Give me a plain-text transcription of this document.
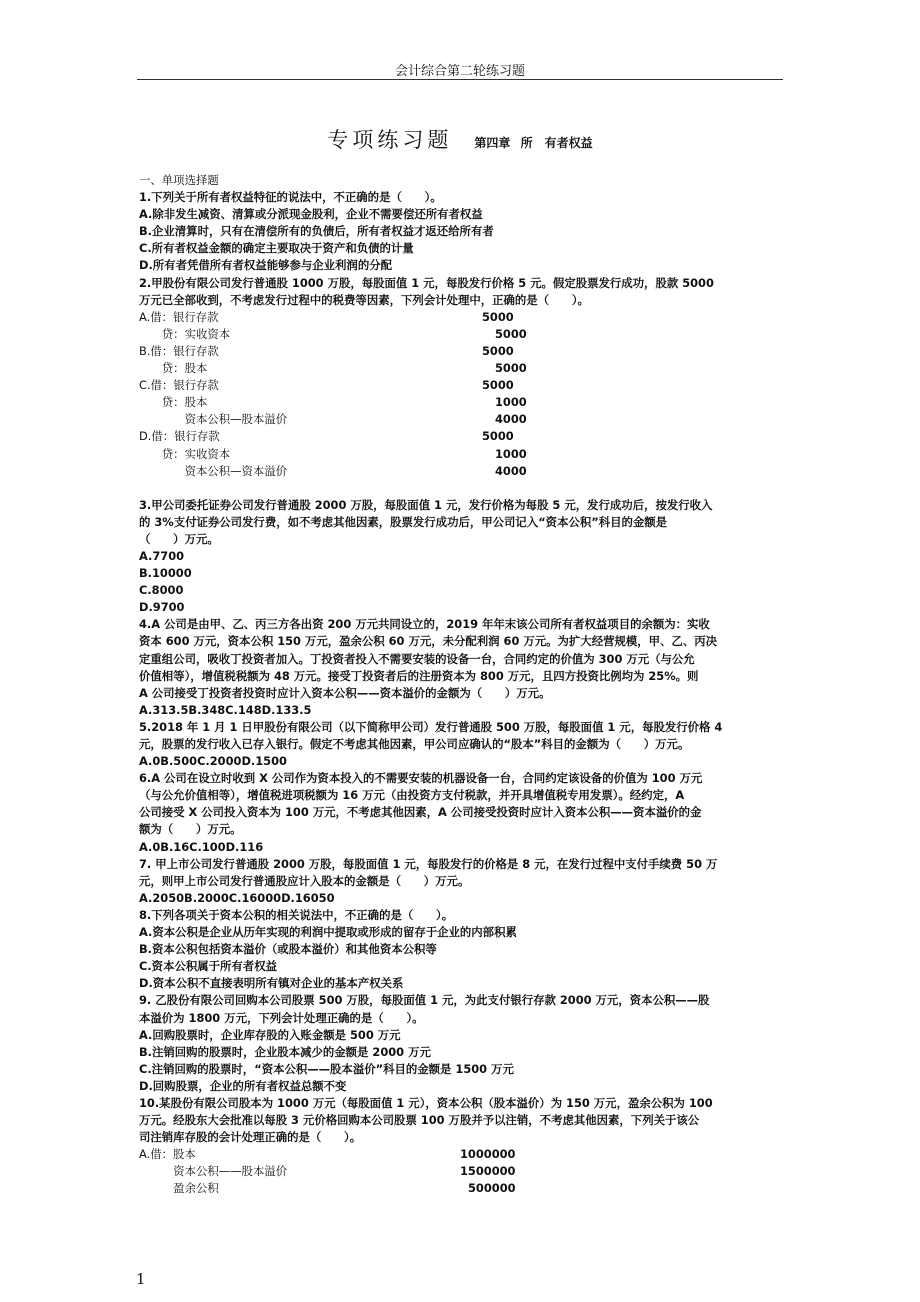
会计综合第二轮练习题
专项练习题 第四章 所　有者权益

一、单项选择题

1.下列关于所有者权益特征的说法中，不正确的是（　　）。

A.除非发生减资、清算或分派现金股利，企业不需要偿还所有者权益

B.企业清算时，只有在清偿所有的负债后，所有者权益才返还给所有者

C.所有者权益金额的确定主要取决于资产和负债的计量

D.所有者凭借所有者权益能够参与企业利润的分配

2.甲股份有限公司发行普通股 1000 万股，每股面值 1 元，每股发行价格 5 元。假定股票发行成功，股款 5000

万元已全部收到，不考虑发行过程中的税费等因素，下列会计处理中，正确的是（　　）。

A.借：银行存款	5000
　　贷：实收资本	5000
B.借：银行存款	5000
　　贷：股本	5000
C.借：银行存款	5000
　　贷：股本	1000
　　　　资本公积—股本溢价	4000
D.借：银行存款	5000
　　贷：实收资本	1000
　　　　资本公积—资本溢价	4000

3.甲公司委托证券公司发行普通股 2000 万股，每股面值 1 元，发行价格为每股 5 元，发行成功后，按发行收入

的 3%支付证券公司发行费，如不考虑其他因素，股票发行成功后，甲公司记入“资本公积”科目的金额是

（　　）万元。

A.7700

B.10000

C.8000

D.9700

4.A 公司是由甲、乙、丙三方各出资 200 万元共同设立的，2019 年年末该公司所有者权益项目的余额为：实收

资本 600 万元，资本公积 150 万元，盈余公积 60 万元，未分配利润 60 万元。为扩大经营规模，甲、乙、丙决

定重组公司，吸收丁投资者加入。丁投资者投入不需要安装的设备一台，合同约定的价值为 300 万元（与公允

价值相等），增值税税额为 48 万元。接受丁投资者后的注册资本为 800 万元，且四方投资比例均为 25%。则

A 公司接受丁投资者投资时应计入资本公积——资本溢价的金额为（　　）万元。

A.313.5B.348C.148D.133.5

5.2018 年 1 月 1 日甲股份有限公司（以下简称甲公司）发行普通股 500 万股，每股面值 1 元，每股发行价格 4

元，股票的发行收入已存入银行。假定不考虑其他因素，甲公司应确认的“股本”科目的金额为（　　）万元。

A.0B.500C.2000D.1500

6.A 公司在设立时收到 X 公司作为资本投入的不需要安装的机器设备一台，合同约定该设备的价值为 100 万元

（与公允价值相等），增值税进项税额为 16 万元（由投资方支付税款，并开具增值税专用发票）。经约定，A

公司接受 X 公司投入资本为 100 万元，不考虑其他因素，A 公司接受投资时应计入资本公积——资本溢价的金

额为（　　）万元。

A.0B.16C.100D.116

7. 甲上市公司发行普通股 2000 万股，每股面值 1 元，每股发行的价格是 8 元，在发行过程中支付手续费 50 万

元，则甲上市公司发行普通股应计入股本的金额是（　　）万元。

A.2050B.2000C.16000D.16050

8.下列各项关于资本公积的相关说法中，不正确的是（　　）。

A.资本公积是企业从历年实现的利润中提取或形成的留存于企业的内部积累

B.资本公积包括资本溢价（或股本溢价）和其他资本公积等

C.资本公积属于所有者权益

D.资本公积不直接表明所有镇对企业的基本产权关系

9. 乙股份有限公司回购本公司股票 500 万股，每股面值 1 元，为此支付银行存款 2000 万元，资本公积——股

本溢价为 1800 万元，下列会计处理正确的是（　　）。

A.回购股票时，企业库存股的入账金额是 500 万元

B.注销回购的股票时，企业股本减少的金额是 2000 万元

C.注销回购的股票时，“资本公积——股本溢价”科目的金额是 1500 万元

D.回购股票，企业的所有者权益总额不变

10.某股份有限公司股本为 1000 万元（每股面值 1 元），资本公积（股本溢价）为 150 万元，盈余公积为 100

万元。经股东大会批准以每股 3 元价格回购本公司股票 100 万股并予以注销，不考虑其他因素，下列关于该公

司注销库存股的会计处理正确的是（　　）。

A.借：股本	1000000
　　　资本公积——股本溢价	1500000
　　　盈余公积	500000
1
